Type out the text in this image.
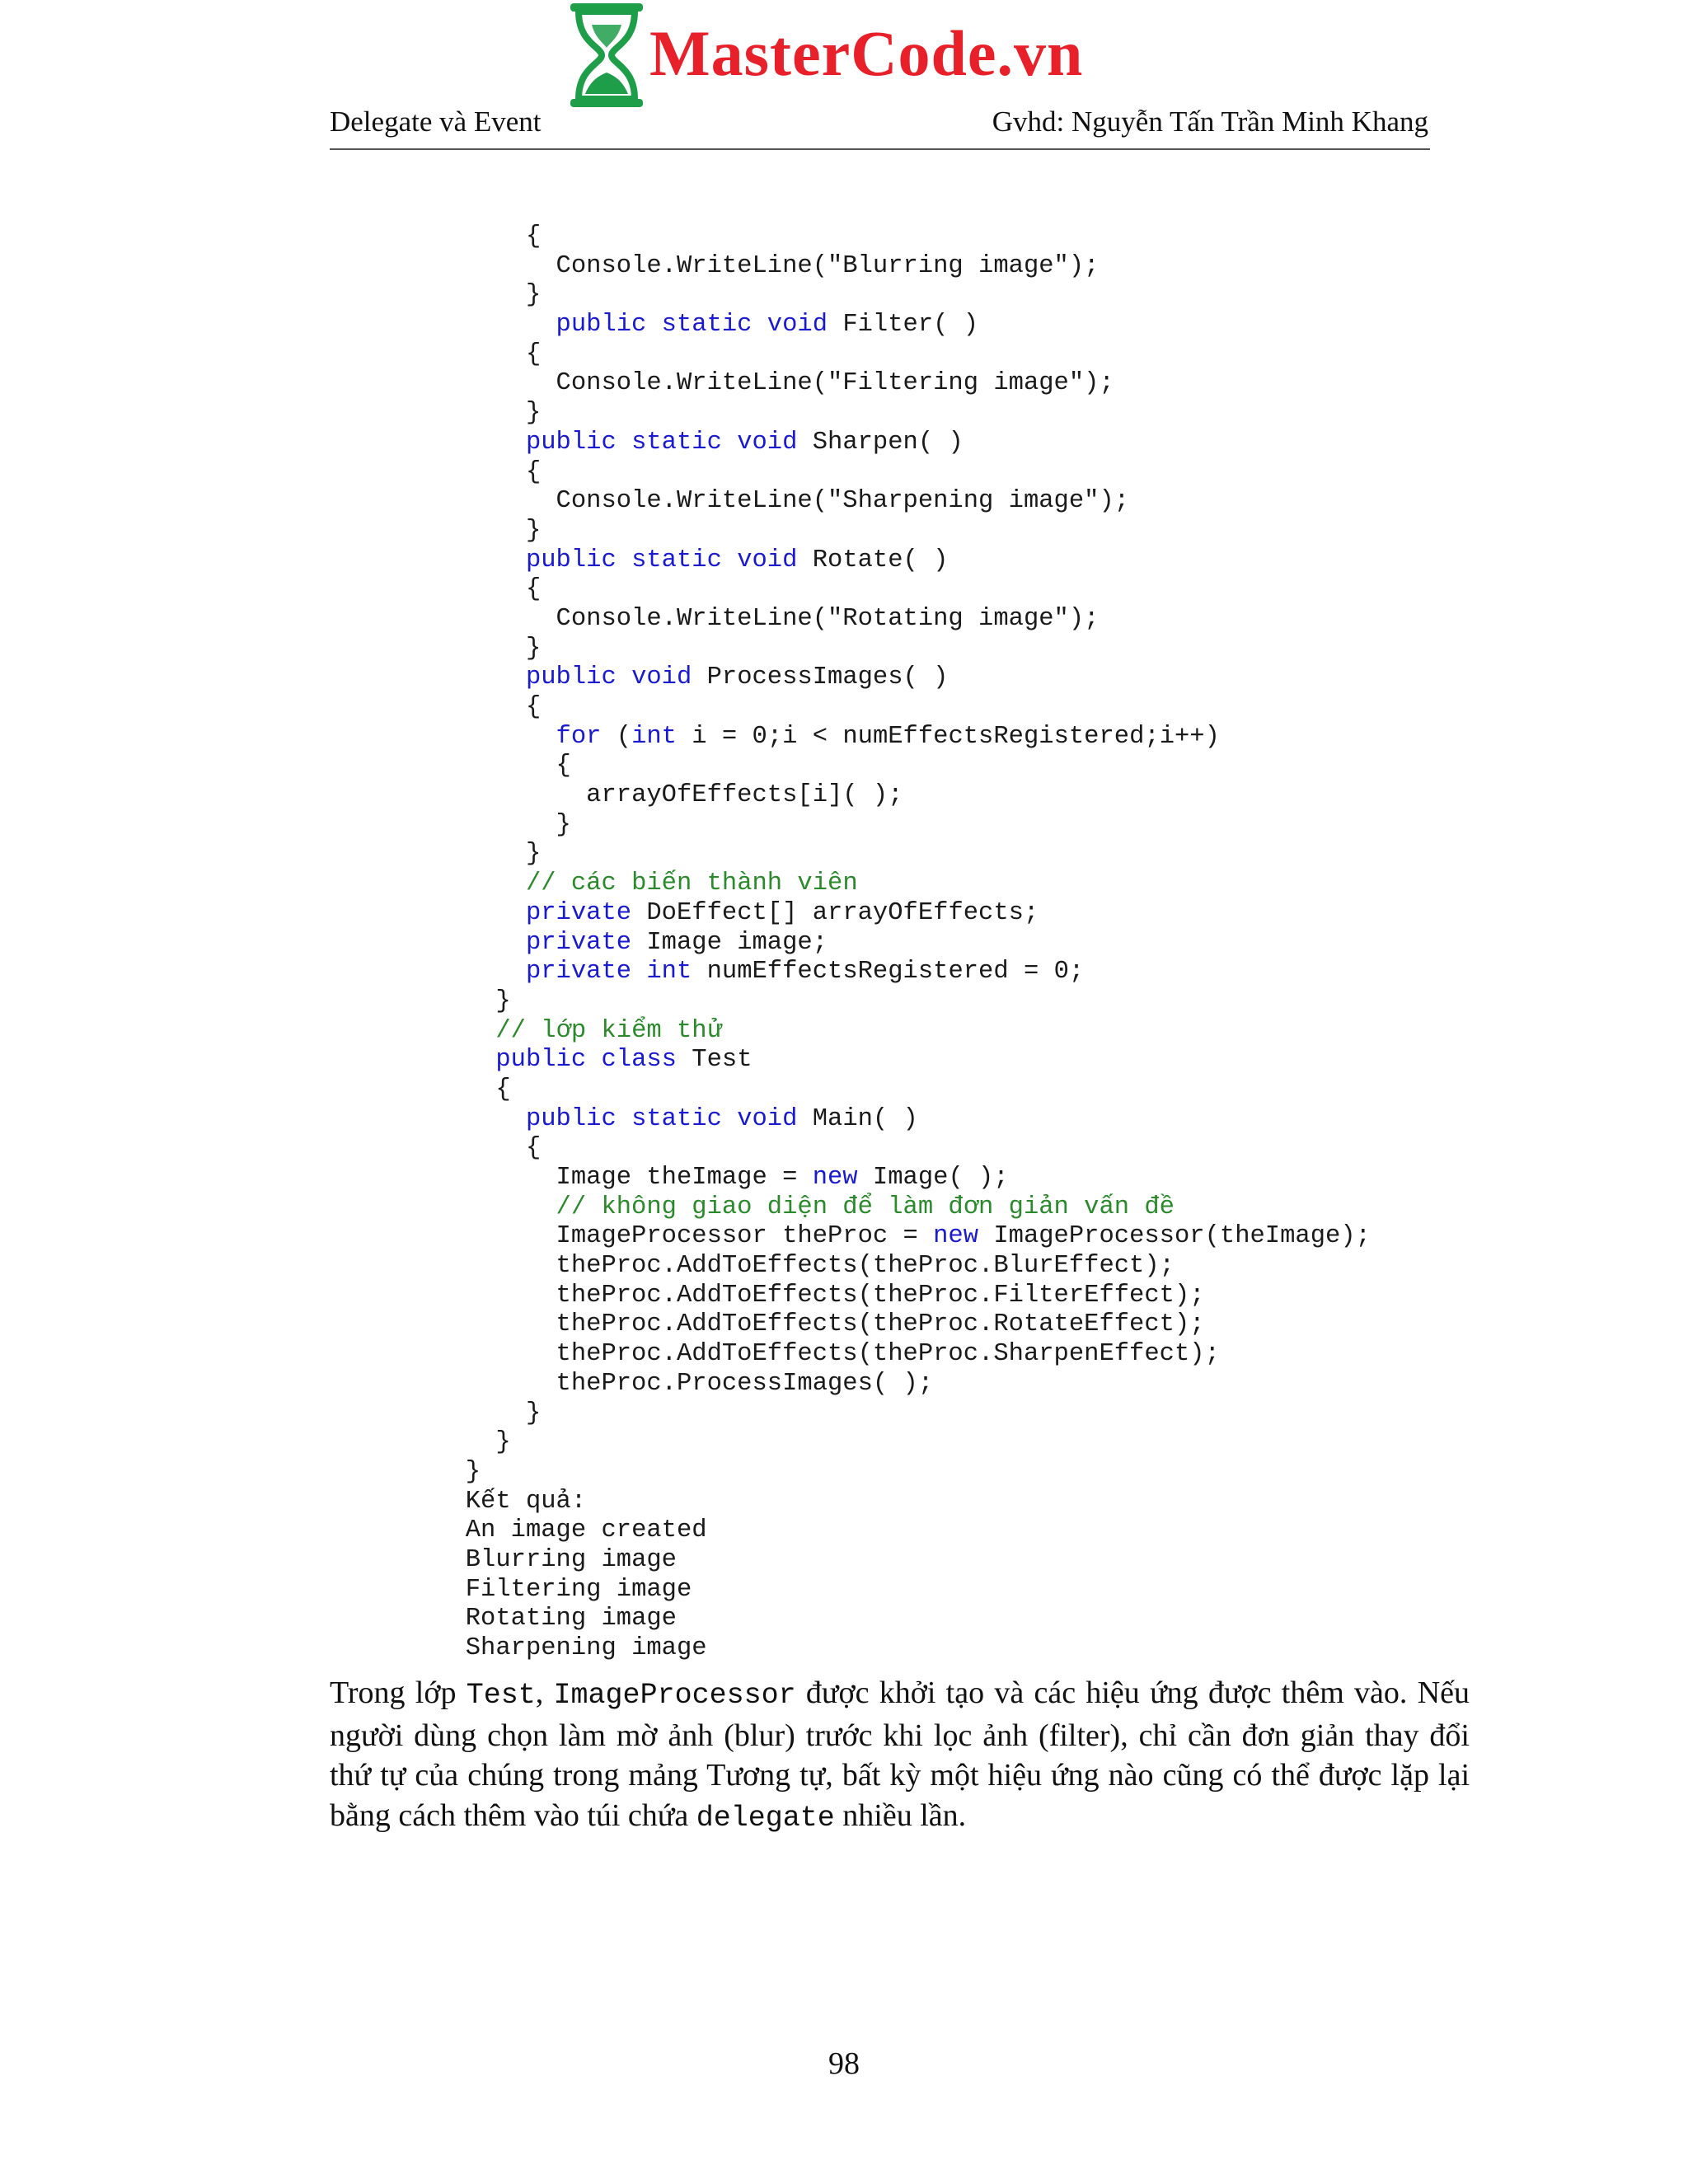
MasterCode.vn
Delegate và Event	Gvhd: Nguyễn Tấn Trần Minh Khang
{
Console.WriteLine("Blurring image");
}
public static void Filter( )
{
Console.WriteLine("Filtering image");
}
public static void Sharpen( )
{
Console.WriteLine("Sharpening image");
}
public static void Rotate( )
{
Console.WriteLine("Rotating image");
}
public void ProcessImages( )
{
for (int i = 0;i < numEffectsRegistered;i++)
{
arrayOfEffects[i]( );
}
}
// các biến thành viên
private DoEffect[] arrayOfEffects;
private Image image;
private int numEffectsRegistered = 0;
}
// lớp kiểm thử
public class Test
{
public static void Main( )
{
Image theImage = new Image( );
// không giao diện để làm đơn giản vấn đề
ImageProcessor theProc = new ImageProcessor(theImage);
theProc.AddToEffects(theProc.BlurEffect);
theProc.AddToEffects(theProc.FilterEffect);
theProc.AddToEffects(theProc.RotateEffect);
theProc.AddToEffects(theProc.SharpenEffect);
theProc.ProcessImages( );
}
}
}
Kết quả:
An image created
Blurring image
Filtering image
Rotating image
Sharpening image

Trong lớp Test, ImageProcessor được khởi tạo và các hiệu ứng được thêm vào. Nếu người dùng chọn làm mờ ảnh (blur) trước khi lọc ảnh (filter), chỉ cần đơn giản thay đổi thứ tự của chúng trong mảng Tương tự, bất kỳ một hiệu ứng nào cũng có thể được lặp lại bằng cách thêm vào túi chứa delegate nhiều lần.

98
